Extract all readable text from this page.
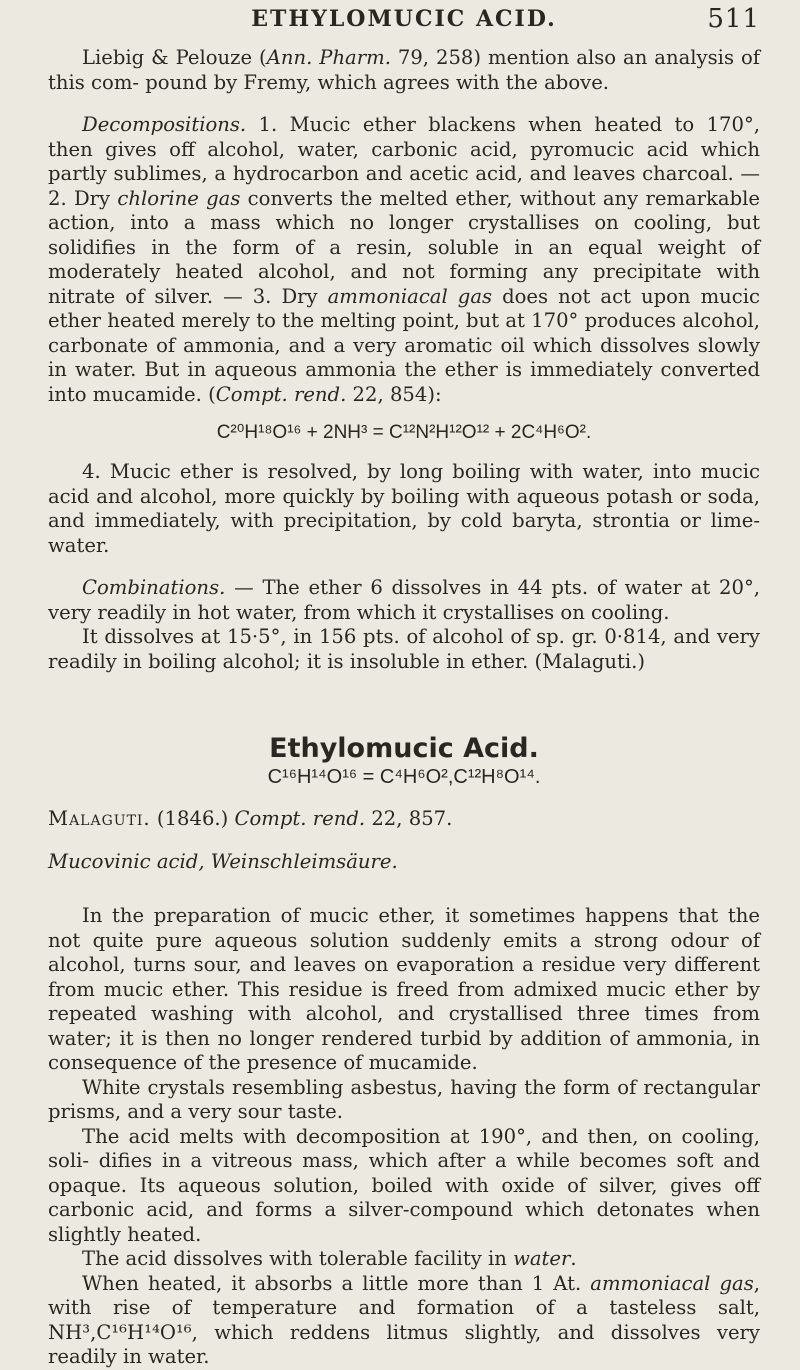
ETHYLOMUCIC ACID.	511

Liebig & Pelouze (Ann. Pharm. 79, 258) mention also an analysis of this com- pound by Fremy, which agrees with the above.

Decompositions. 1. Mucic ether blackens when heated to 170°, then gives off alcohol, water, carbonic acid, pyromucic acid which partly sublimes, a hydrocarbon and acetic acid, and leaves charcoal. — 2. Dry chlorine gas converts the melted ether, without any remarkable action, into a mass which no longer crystallises on cooling, but solidifies in the form of a resin, soluble in an equal weight of moderately heated alcohol, and not forming any precipitate with nitrate of silver. — 3. Dry ammoniacal gas does not act upon mucic ether heated merely to the melting point, but at 170° produces alcohol, carbonate of ammonia, and a very aromatic oil which dissolves slowly in water. But in aqueous ammonia the ether is immediately converted into mucamide. (Compt. rend. 22, 854):

C²⁰H¹⁸O¹⁶ + 2NH³ = C¹²N²H¹²O¹² + 2C⁴H⁶O².

4. Mucic ether is resolved, by long boiling with water, into mucic acid and alcohol, more quickly by boiling with aqueous potash or soda, and immediately, with precipitation, by cold baryta, strontia or lime-water.

Combinations. — The ether 6 dissolves in 44 pts. of water at 20°, very readily in hot water, from which it crystallises on cooling.

It dissolves at 15·5°, in 156 pts. of alcohol of sp. gr. 0·814, and very readily in boiling alcohol; it is insoluble in ether. (Malaguti.)

Ethylomucic Acid.
C¹⁶H¹⁴O¹⁶ = C⁴H⁶O²,C¹²H⁸O¹⁴.

Malaguti. (1846.) Compt. rend. 22, 857.

Mucovinic acid, Weinschleimsäure.

In the preparation of mucic ether, it sometimes happens that the not quite pure aqueous solution suddenly emits a strong odour of alcohol, turns sour, and leaves on evaporation a residue very different from mucic ether. This residue is freed from admixed mucic ether by repeated washing with alcohol, and crystallised three times from water; it is then no longer rendered turbid by addition of ammonia, in consequence of the presence of mucamide.

White crystals resembling asbestus, having the form of rectangular prisms, and a very sour taste.

The acid melts with decomposition at 190°, and then, on cooling, soli- difies in a vitreous mass, which after a while becomes soft and opaque. Its aqueous solution, boiled with oxide of silver, gives off carbonic acid, and forms a silver-compound which detonates when slightly heated.

The acid dissolves with tolerable facility in water.

When heated, it absorbs a little more than 1 At. ammoniacal gas, with rise of temperature and formation of a tasteless salt, NH³,C¹⁶H¹⁴O¹⁶, which reddens litmus slightly, and dissolves very readily in water.
